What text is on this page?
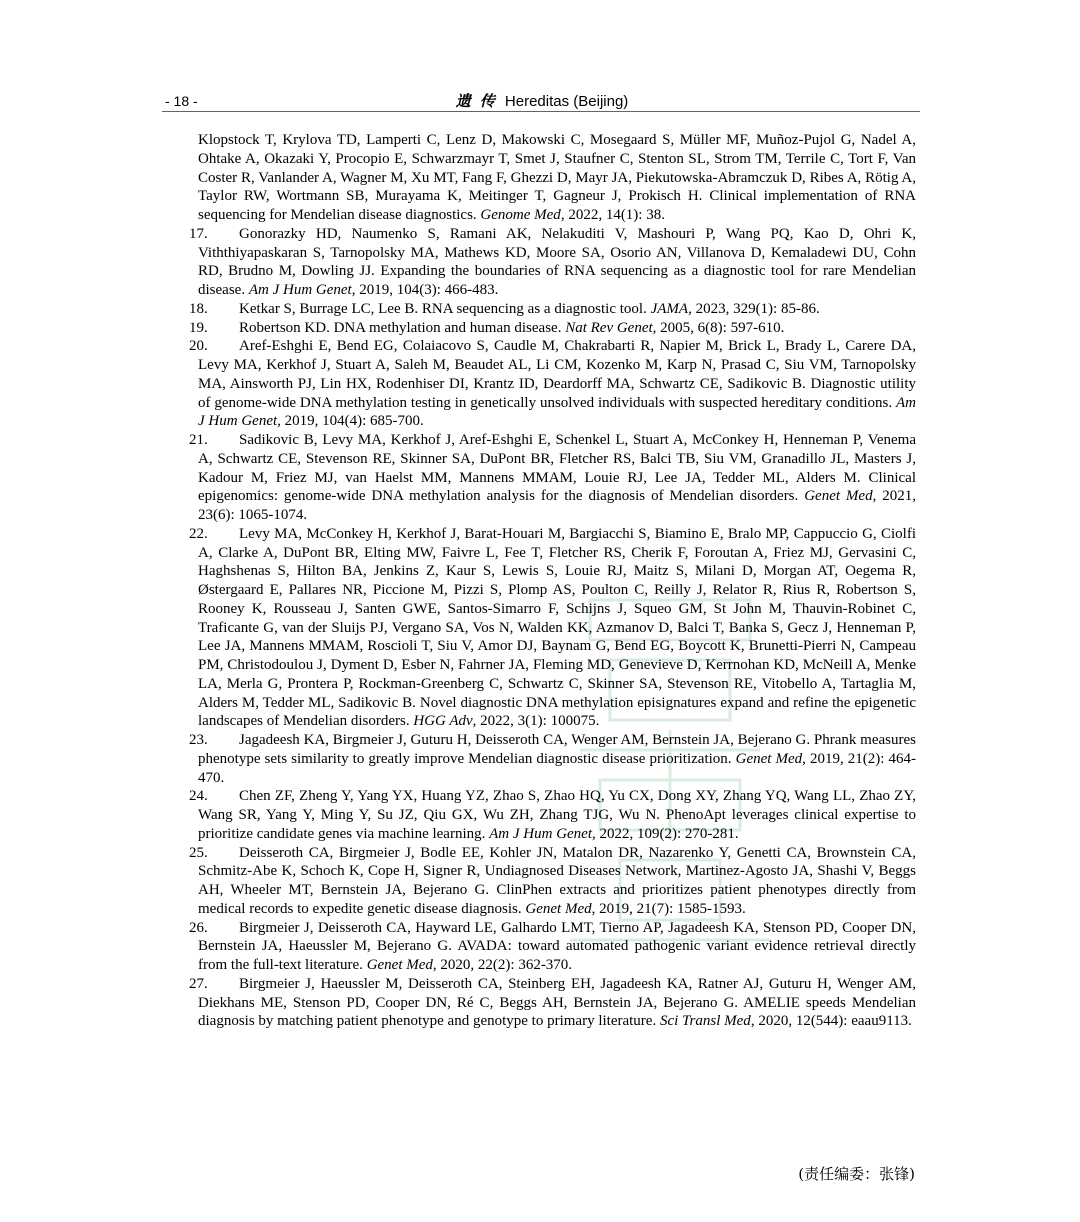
- 18 -	遗 传 Hereditas (Beijing)

Klopstock T, Krylova TD, Lamperti C, Lenz D, Makowski C, Mosegaard S, Müller MF, Muñoz-Pujol G, Nadel A, Ohtake A, Okazaki Y, Procopio E, Schwarzmayr T, Smet J, Staufner C, Stenton SL, Strom TM, Terrile C, Tort F, Van Coster R, Vanlander A, Wagner M, Xu MT, Fang F, Ghezzi D, Mayr JA, Piekutowska-Abramczuk D, Ribes A, Rötig A, Taylor RW, Wortmann SB, Murayama K, Meitinger T, Gagneur J, Prokisch H. Clinical implementation of RNA sequencing for Mendelian disease diagnostics. Genome Med, 2022, 14(1): 38.

17. Gonorazky HD, Naumenko S, Ramani AK, Nelakuditi V, Mashouri P, Wang PQ, Kao D, Ohri K, Viththiyapaskaran S, Tarnopolsky MA, Mathews KD, Moore SA, Osorio AN, Villanova D, Kemaladewi DU, Cohn RD, Brudno M, Dowling JJ. Expanding the boundaries of RNA sequencing as a diagnostic tool for rare Mendelian disease. Am J Hum Genet, 2019, 104(3): 466-483.

18. Ketkar S, Burrage LC, Lee B. RNA sequencing as a diagnostic tool. JAMA, 2023, 329(1): 85-86.

19. Robertson KD. DNA methylation and human disease. Nat Rev Genet, 2005, 6(8): 597-610.

20. Aref-Eshghi E, Bend EG, Colaiacovo S, Caudle M, Chakrabarti R, Napier M, Brick L, Brady L, Carere DA, Levy MA, Kerkhof J, Stuart A, Saleh M, Beaudet AL, Li CM, Kozenko M, Karp N, Prasad C, Siu VM, Tarnopolsky MA, Ainsworth PJ, Lin HX, Rodenhiser DI, Krantz ID, Deardorff MA, Schwartz CE, Sadikovic B. Diagnostic utility of genome-wide DNA methylation testing in genetically unsolved individuals with suspected hereditary conditions. Am J Hum Genet, 2019, 104(4): 685-700.

21. Sadikovic B, Levy MA, Kerkhof J, Aref-Eshghi E, Schenkel L, Stuart A, McConkey H, Henneman P, Venema A, Schwartz CE, Stevenson RE, Skinner SA, DuPont BR, Fletcher RS, Balci TB, Siu VM, Granadillo JL, Masters J, Kadour M, Friez MJ, van Haelst MM, Mannens MMAM, Louie RJ, Lee JA, Tedder ML, Alders M. Clinical epigenomics: genome-wide DNA methylation analysis for the diagnosis of Mendelian disorders. Genet Med, 2021, 23(6): 1065-1074.

22. Levy MA, McConkey H, Kerkhof J, Barat-Houari M, Bargiacchi S, Biamino E, Bralo MP, Cappuccio G, Ciolfi A, Clarke A, DuPont BR, Elting MW, Faivre L, Fee T, Fletcher RS, Cherik F, Foroutan A, Friez MJ, Gervasini C, Haghshenas S, Hilton BA, Jenkins Z, Kaur S, Lewis S, Louie RJ, Maitz S, Milani D, Morgan AT, Oegema R, Østergaard E, Pallares NR, Piccione M, Pizzi S, Plomp AS, Poulton C, Reilly J, Relator R, Rius R, Robertson S, Rooney K, Rousseau J, Santen GWE, Santos-Simarro F, Schijns J, Squeo GM, St John M, Thauvin-Robinet C, Traficante G, van der Sluijs PJ, Vergano SA, Vos N, Walden KK, Azmanov D, Balci T, Banka S, Gecz J, Henneman P, Lee JA, Mannens MMAM, Roscioli T, Siu V, Amor DJ, Baynam G, Bend EG, Boycott K, Brunetti-Pierri N, Campeau PM, Christodoulou J, Dyment D, Esber N, Fahrner JA, Fleming MD, Genevieve D, Kerrnohan KD, McNeill A, Menke LA, Merla G, Prontera P, Rockman-Greenberg C, Schwartz C, Skinner SA, Stevenson RE, Vitobello A, Tartaglia M, Alders M, Tedder ML, Sadikovic B. Novel diagnostic DNA methylation episignatures expand and refine the epigenetic landscapes of Mendelian disorders. HGG Adv, 2022, 3(1): 100075.

23. Jagadeesh KA, Birgmeier J, Guturu H, Deisseroth CA, Wenger AM, Bernstein JA, Bejerano G. Phrank measures phenotype sets similarity to greatly improve Mendelian diagnostic disease prioritization. Genet Med, 2019, 21(2): 464-470.

24. Chen ZF, Zheng Y, Yang YX, Huang YZ, Zhao S, Zhao HQ, Yu CX, Dong XY, Zhang YQ, Wang LL, Zhao ZY, Wang SR, Yang Y, Ming Y, Su JZ, Qiu GX, Wu ZH, Zhang TJG, Wu N. PhenoApt leverages clinical expertise to prioritize candidate genes via machine learning. Am J Hum Genet, 2022, 109(2): 270-281.

25. Deisseroth CA, Birgmeier J, Bodle EE, Kohler JN, Matalon DR, Nazarenko Y, Genetti CA, Brownstein CA, Schmitz-Abe K, Schoch K, Cope H, Signer R, Undiagnosed Diseases Network, Martinez-Agosto JA, Shashi V, Beggs AH, Wheeler MT, Bernstein JA, Bejerano G. ClinPhen extracts and prioritizes patient phenotypes directly from medical records to expedite genetic disease diagnosis. Genet Med, 2019, 21(7): 1585-1593.

26. Birgmeier J, Deisseroth CA, Hayward LE, Galhardo LMT, Tierno AP, Jagadeesh KA, Stenson PD, Cooper DN, Bernstein JA, Haeussler M, Bejerano G. AVADA: toward automated pathogenic variant evidence retrieval directly from the full-text literature. Genet Med, 2020, 22(2): 362-370.

27. Birgmeier J, Haeussler M, Deisseroth CA, Steinberg EH, Jagadeesh KA, Ratner AJ, Guturu H, Wenger AM, Diekhans ME, Stenson PD, Cooper DN, Ré C, Beggs AH, Bernstein JA, Bejerano G. AMELIE speeds Mendelian diagnosis by matching patient phenotype and genotype to primary literature. Sci Transl Med, 2020, 12(544): eaau9113.

(责任编委：张锋)
